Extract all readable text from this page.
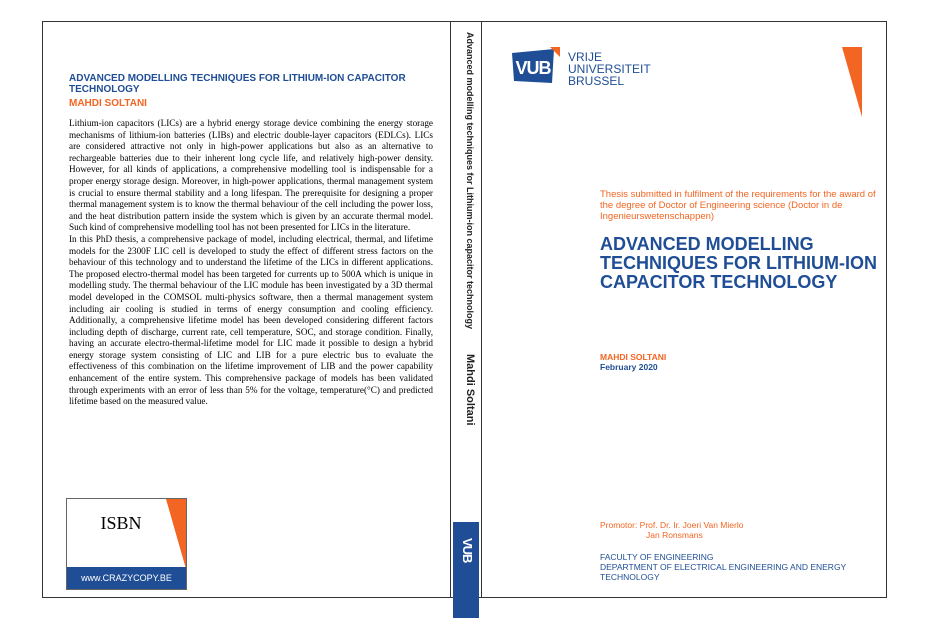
ADVANCED MODELLING TECHNIQUES FOR LITHIUM-ION CAPACITOR TECHNOLOGY
MAHDI SOLTANI

Lithium-ion capacitors (LICs) are a hybrid energy storage device combining the energy storage mechanisms of lithium-ion batteries (LIBs) and electric double-layer capacitors (EDLCs). LICs are considered attractive not only in high-power applications but also as an alternative to rechargeable batteries due to their inherent long cycle life, and relatively high-power density. However, for all kinds of applications, a comprehensive modelling tool is indispensable for a proper energy storage design. Moreover, in high-power applications, thermal management system is crucial to ensure thermal stability and a long lifespan. The prerequisite for designing a proper thermal management system is to know the thermal behaviour of the cell including the power loss, and the heat distribution pattern inside the system which is given by an accurate thermal model. Such kind of comprehensive modelling tool has not been presented for LICs in the literature.

In this PhD thesis, a comprehensive package of model, including electrical, thermal, and lifetime models for the 2300F LIC cell is developed to study the effect of different stress factors on the behaviour of this technology and to understand the lifetime of the LICs in different applications. The proposed electro-thermal model has been targeted for currents up to 500A which is unique in modelling study. The thermal behaviour of the LIC module has been investigated by a 3D thermal model developed in the COMSOL multi-physics software, then a thermal management system including air cooling is studied in terms of energy consumption and cooling efficiency. Additionally, a comprehensive lifetime model has been developed considering different factors including depth of discharge, current rate, cell temperature, SOC, and storage condition. Finally, having an accurate electro-thermal-lifetime model for LIC made it possible to design a hybrid energy storage system consisting of LIC and LIB for a pure electric bus to evaluate the effectiveness of this combination on the lifetime improvement of LIB and the power capability enhancement of the entire system. This comprehensive package of models has been validated through experiments with an error of less than 5% for the voltage, temperature(°C) and predicted lifetime based on the measured value.

ISBN
www.CRAZYCOPY.BE
Advanced modelling techniques for Lithium-ion capacitor technology
Mahdi Soltani
VUB
VUB
VRIJE
UNIVERSITEIT
BRUSSEL
Thesis submitted in fulfilment of the requirements for the award of the degree of Doctor of Engineering science (Doctor in de Ingenieurswetenschappen)
ADVANCED MODELLING TECHNIQUES FOR LITHIUM-ION CAPACITOR TECHNOLOGY
MAHDI SOLTANI
February 2020
Promotor: Prof. Dr. Ir. Joeri Van Mierlo
Jan Ronsmans
FACULTY OF ENGINEERING
DEPARTMENT OF ELECTRICAL ENGINEERING AND ENERGY TECHNOLOGY
